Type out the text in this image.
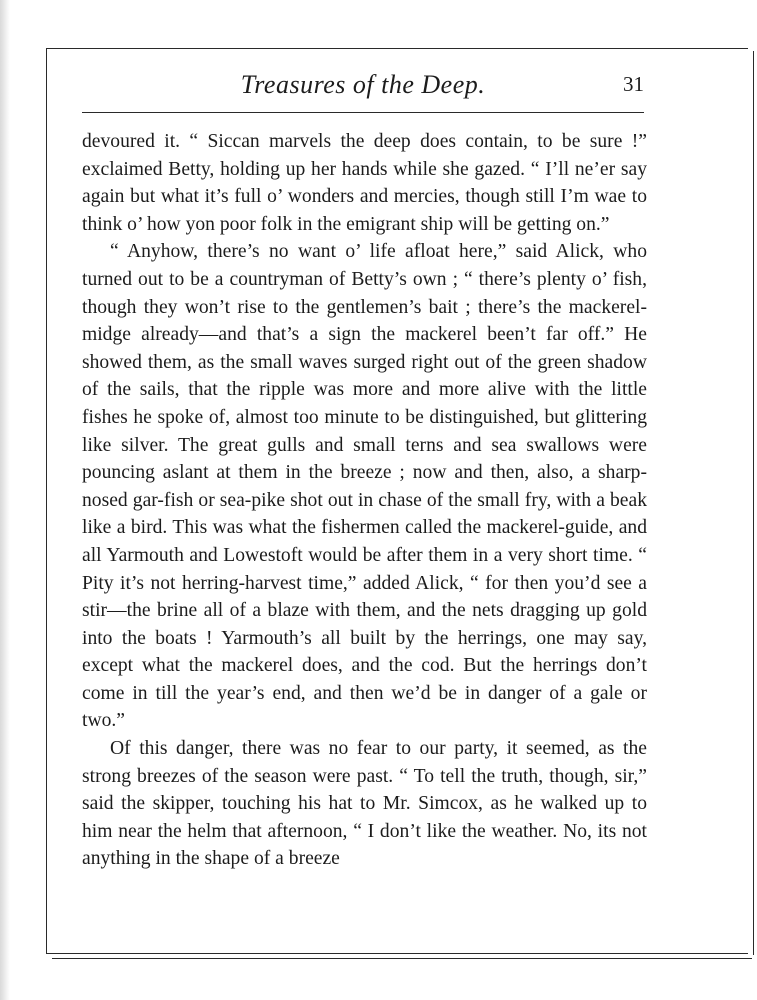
Treasures of the Deep.	31

devoured it. “ Siccan marvels the deep does contain, to be sure !” exclaimed Betty, holding up her hands while she gazed. “ I’ll ne’er say again but what it’s full o’ wonders and mercies, though still I’m wae to think o’ how yon poor folk in the emigrant ship will be getting on.”

“ Anyhow, there’s no want o’ life afloat here,” said Alick, who turned out to be a countryman of Betty’s own ; “ there’s plenty o’ fish, though they won’t rise to the gentlemen’s bait ; there’s the mackerel-midge already—and that’s a sign the mackerel been’t far off.” He showed them, as the small waves surged right out of the green shadow of the sails, that the ripple was more and more alive with the little fishes he spoke of, almost too minute to be distinguished, but glittering like silver. The great gulls and small terns and sea swallows were pouncing aslant at them in the breeze ; now and then, also, a sharp-nosed gar-fish or sea-pike shot out in chase of the small fry, with a beak like a bird. This was what the fishermen called the mackerel-guide, and all Yarmouth and Lowestoft would be after them in a very short time. “ Pity it’s not herring-harvest time,” added Alick, “ for then you’d see a stir—the brine all of a blaze with them, and the nets dragging up gold into the boats ! Yarmouth’s all built by the herrings, one may say, except what the mackerel does, and the cod. But the herrings don’t come in till the year’s end, and then we’d be in danger of a gale or two.”

Of this danger, there was no fear to our party, it seemed, as the strong breezes of the season were past. “ To tell the truth, though, sir,” said the skipper, touching his hat to Mr. Simcox, as he walked up to him near the helm that afternoon, “ I don’t like the weather. No, its not anything in the shape of a breeze
